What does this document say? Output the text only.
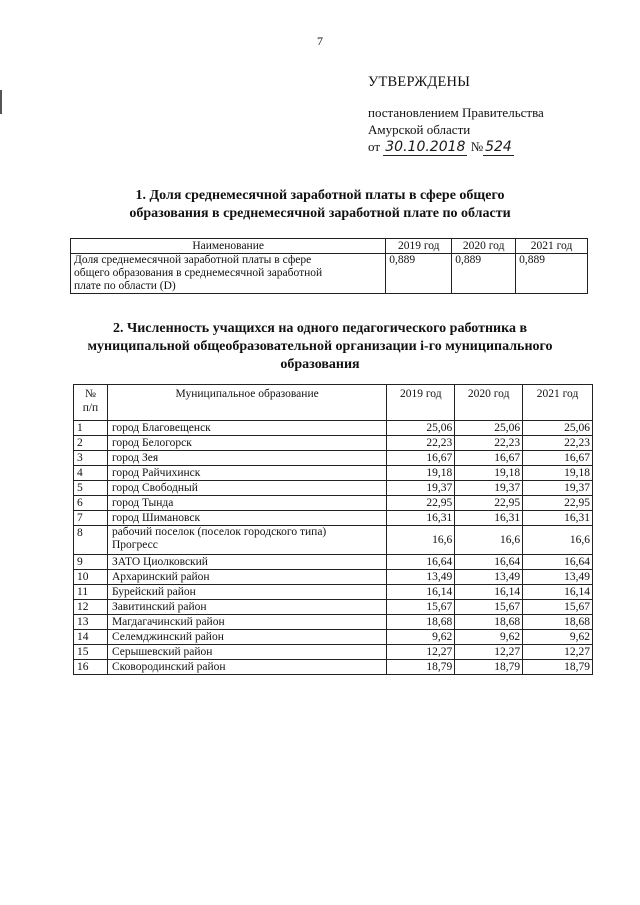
7
УТВЕРЖДЕНЫ
постановлением Правительства
Амурской области
от 30.10.2018 № 524
1. Доля среднемесячной заработной платы в сфере общего
образования в среднемесячной заработной плате по области
Наименование	2019 год	2020 год	2021 год

Доля среднемесячной заработной платы в сфере
общего образования в среднемесячной заработной
плате по области (D)	0,889	0,889	0,889
2. Численность учащихся на одного педагогического работника в
муниципальной общеобразовательной организации i-го муниципального
образования
№
п/п	Муниципальное образование	2019 год	2020 год	2021 год
1	город Благовещенск	25,06	25,06	25,06
2	город Белогорск	22,23	22,23	22,23
3	город Зея	16,67	16,67	16,67
4	город Райчихинск	19,18	19,18	19,18
5	город Свободный	19,37	19,37	19,37
6	город Тында	22,95	22,95	22,95
7	город Шимановск	16,31	16,31	16,31
8	рабочий поселок (поселок городского типа)
Прогресс	16,6	16,6	16,6
9	ЗАТО Циолковский	16,64	16,64	16,64
10	Архаринский район	13,49	13,49	13,49
11	Бурейский район	16,14	16,14	16,14
12	Завитинский район	15,67	15,67	15,67
13	Магдагачинский район	18,68	18,68	18,68
14	Селемджинский район	9,62	9,62	9,62
15	Серышевский район	12,27	12,27	12,27
16	Сковородинский район	18,79	18,79	18,79
